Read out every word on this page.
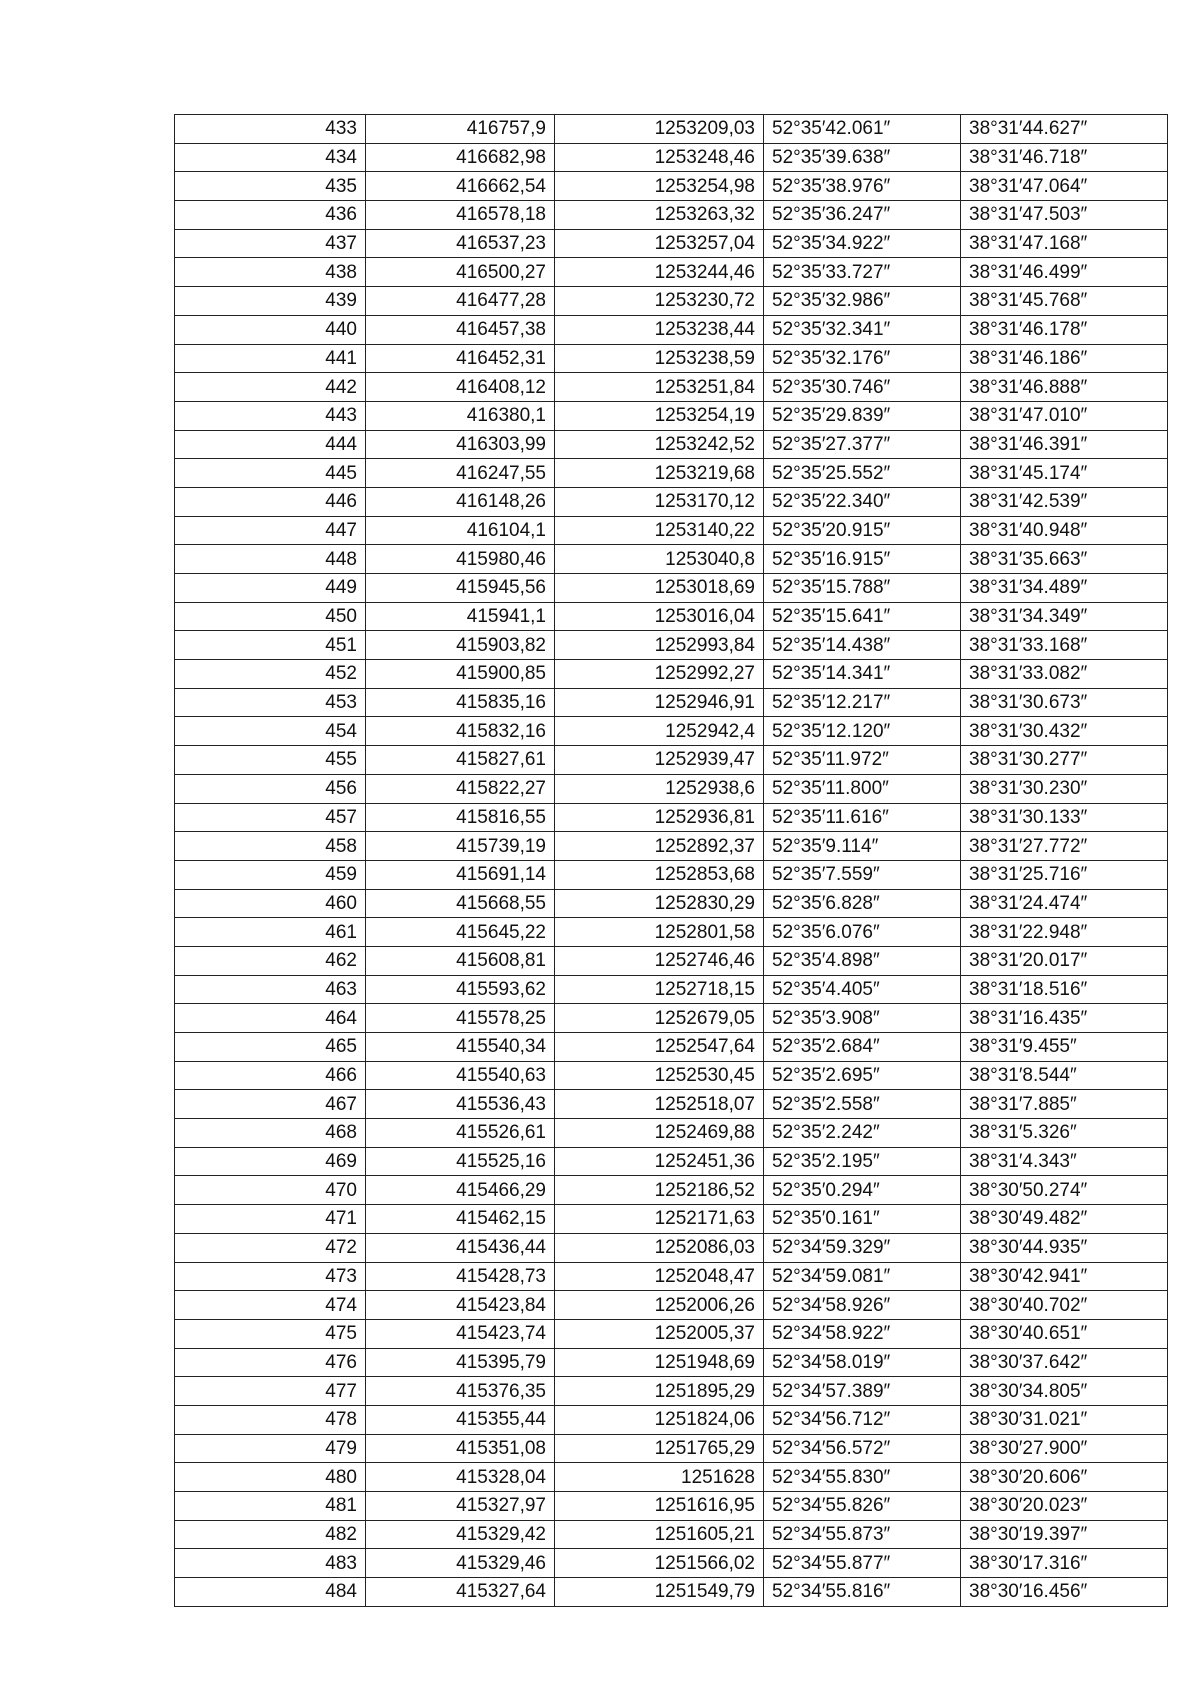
433	416757,9	1253209,03	52°35′42.061″	38°31′44.627″
434	416682,98	1253248,46	52°35′39.638″	38°31′46.718″
435	416662,54	1253254,98	52°35′38.976″	38°31′47.064″
436	416578,18	1253263,32	52°35′36.247″	38°31′47.503″
437	416537,23	1253257,04	52°35′34.922″	38°31′47.168″
438	416500,27	1253244,46	52°35′33.727″	38°31′46.499″
439	416477,28	1253230,72	52°35′32.986″	38°31′45.768″
440	416457,38	1253238,44	52°35′32.341″	38°31′46.178″
441	416452,31	1253238,59	52°35′32.176″	38°31′46.186″
442	416408,12	1253251,84	52°35′30.746″	38°31′46.888″
443	416380,1	1253254,19	52°35′29.839″	38°31′47.010″
444	416303,99	1253242,52	52°35′27.377″	38°31′46.391″
445	416247,55	1253219,68	52°35′25.552″	38°31′45.174″
446	416148,26	1253170,12	52°35′22.340″	38°31′42.539″
447	416104,1	1253140,22	52°35′20.915″	38°31′40.948″
448	415980,46	1253040,8	52°35′16.915″	38°31′35.663″
449	415945,56	1253018,69	52°35′15.788″	38°31′34.489″
450	415941,1	1253016,04	52°35′15.641″	38°31′34.349″
451	415903,82	1252993,84	52°35′14.438″	38°31′33.168″
452	415900,85	1252992,27	52°35′14.341″	38°31′33.082″
453	415835,16	1252946,91	52°35′12.217″	38°31′30.673″
454	415832,16	1252942,4	52°35′12.120″	38°31′30.432″
455	415827,61	1252939,47	52°35′11.972″	38°31′30.277″
456	415822,27	1252938,6	52°35′11.800″	38°31′30.230″
457	415816,55	1252936,81	52°35′11.616″	38°31′30.133″
458	415739,19	1252892,37	52°35′9.114″	38°31′27.772″
459	415691,14	1252853,68	52°35′7.559″	38°31′25.716″
460	415668,55	1252830,29	52°35′6.828″	38°31′24.474″
461	415645,22	1252801,58	52°35′6.076″	38°31′22.948″
462	415608,81	1252746,46	52°35′4.898″	38°31′20.017″
463	415593,62	1252718,15	52°35′4.405″	38°31′18.516″
464	415578,25	1252679,05	52°35′3.908″	38°31′16.435″
465	415540,34	1252547,64	52°35′2.684″	38°31′9.455″
466	415540,63	1252530,45	52°35′2.695″	38°31′8.544″
467	415536,43	1252518,07	52°35′2.558″	38°31′7.885″
468	415526,61	1252469,88	52°35′2.242″	38°31′5.326″
469	415525,16	1252451,36	52°35′2.195″	38°31′4.343″
470	415466,29	1252186,52	52°35′0.294″	38°30′50.274″
471	415462,15	1252171,63	52°35′0.161″	38°30′49.482″
472	415436,44	1252086,03	52°34′59.329″	38°30′44.935″
473	415428,73	1252048,47	52°34′59.081″	38°30′42.941″
474	415423,84	1252006,26	52°34′58.926″	38°30′40.702″
475	415423,74	1252005,37	52°34′58.922″	38°30′40.651″
476	415395,79	1251948,69	52°34′58.019″	38°30′37.642″
477	415376,35	1251895,29	52°34′57.389″	38°30′34.805″
478	415355,44	1251824,06	52°34′56.712″	38°30′31.021″
479	415351,08	1251765,29	52°34′56.572″	38°30′27.900″
480	415328,04	1251628	52°34′55.830″	38°30′20.606″
481	415327,97	1251616,95	52°34′55.826″	38°30′20.023″
482	415329,42	1251605,21	52°34′55.873″	38°30′19.397″
483	415329,46	1251566,02	52°34′55.877″	38°30′17.316″
484	415327,64	1251549,79	52°34′55.816″	38°30′16.456″
